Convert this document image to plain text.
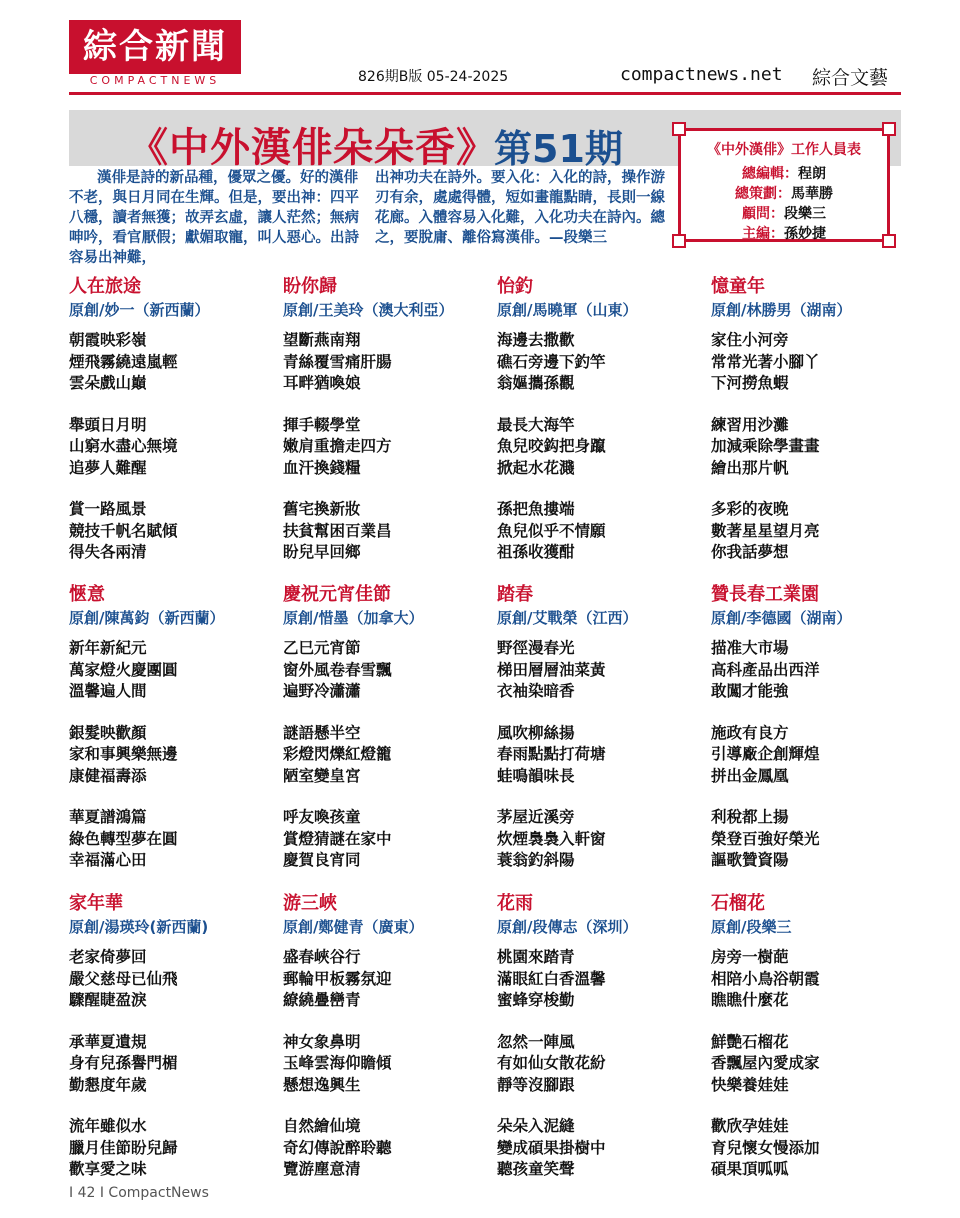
綜合新聞
COMPACTNEWS	826期B版 05-24-2025	compactnews.net 綜合文藝
《中外漢俳朵朵香》
第51期
漢俳是詩的新品種，優眾之優。好的漢俳不老，與日月同在生輝。但是，要出神：四平八穩，讀者無獲；故弄玄虛，讓人茫然；無病呻吟，看官厭假；獻媚取寵，叫人惡心。出詩容易出神難，
出神功夫在詩外。要入化：入化的詩，操作游刃有余，處處得體，短如畫龍點睛，長則一線花廊。入體容易入化難，入化功夫在詩內。總之，要脫庸、離俗寫漢俳。—段樂三
《中外漢俳》工作人員表
總編輯：程朗
總策劃：馬華勝
顧問：段樂三
主編：孫妙捷
人在旅途
原創/妙一（新西蘭）
朝霞映彩嶺
煙飛霧繞遠嵐輕
雲朵戲山巔
舉頭日月明
山窮水盡心無境
追夢人難醒
賞一路風景
競技千帆名賦傾
得失各兩清
盼你歸
原創/王美玲（澳大利亞）
望斷燕南翔
青絲覆雪痛肝腸
耳畔猶喚娘
揮手輟學堂
嫩肩重擔走四方
血汗換錢糧
舊宅換新妝
扶貧幫困百業昌
盼兒早回鄉
怡釣
原創/馬曉軍（山東）
海邊去撒歡
礁石旁邊下釣竿
翁嫗攜孫觀
最長大海竿
魚兒咬鈎把身躥
掀起水花濺
孫把魚摟端
魚兒似乎不情願
祖孫收獲酣
憶童年
原創/林勝男（湖南）
家住小河旁
常常光著小腳丫
下河撈魚蝦
練習用沙灘
加減乘除學畫畫
繪出那片帆
多彩的夜晚
數著星星望月亮
你我話夢想
愜意
原創/陳萬鈞（新西蘭）
新年新紀元
萬家燈火慶團圓
溫馨遍人間
銀髮映歡顏
家和事興樂無邊
康健福壽添
華夏譜鴻篇
綠色轉型夢在圓
幸福滿心田
慶祝元宵佳節
原創/惜墨（加拿大）
乙巳元宵節
窗外風卷春雪飄
遍野冷瀟瀟
謎語懸半空
彩燈閃爍紅燈籠
陋室變皇宮
呼友喚孩童
賞燈猜謎在家中
慶賀良宵同
踏春
原創/艾戰榮（江西）
野徑漫春光
梯田層層油菜黃
衣袖染暗香
風吹柳絲揚
春雨點點打荷塘
蛙鳴韻味長
茅屋近溪旁
炊煙裊裊入軒窗
蓑翁釣斜陽
贊長春工業園
原創/李德國（湖南）
描准大市場
高科產品出西洋
敢闖才能強
施政有良方
引導廠企創輝煌
拼出金鳳凰
利稅都上揚
榮登百強好榮光
謳歌贊資陽
家年華
原創/湯瑛玲(新西蘭)
老家倚夢回
嚴父慈母已仙飛
驟醒睫盈淚
承華夏遺規
身有兒孫譽門楣
勤懇度年歲
流年雖似水
臘月佳節盼兒歸
歡享愛之味
游三峽
原創/鄭健青（廣東）
盛春峽谷行
郵輪甲板霧氛迎
繚繞疊巒青
神女象鼻明
玉峰雲海仰瞻傾
懸想逸興生
自然繪仙境
奇幻傳說醉聆聽
覽游塵意清
花雨
原創/段傳志（深圳）
桃園來踏青
滿眼紅白香溫馨
蜜蜂穿梭勤
忽然一陣風
有如仙女散花紛
靜等沒腳跟
朵朵入泥縫
變成碩果掛樹中
聽孩童笑聲
石榴花
原創/段樂三
房旁一樹葩
相陪小鳥浴朝霞
瞧瞧什麼花
鮮艷石榴花
香飄屋內愛成家
快樂養娃娃
歡欣孕娃娃
育兒懷女慢添加
碩果頂呱呱
I 42 I CompactNews
